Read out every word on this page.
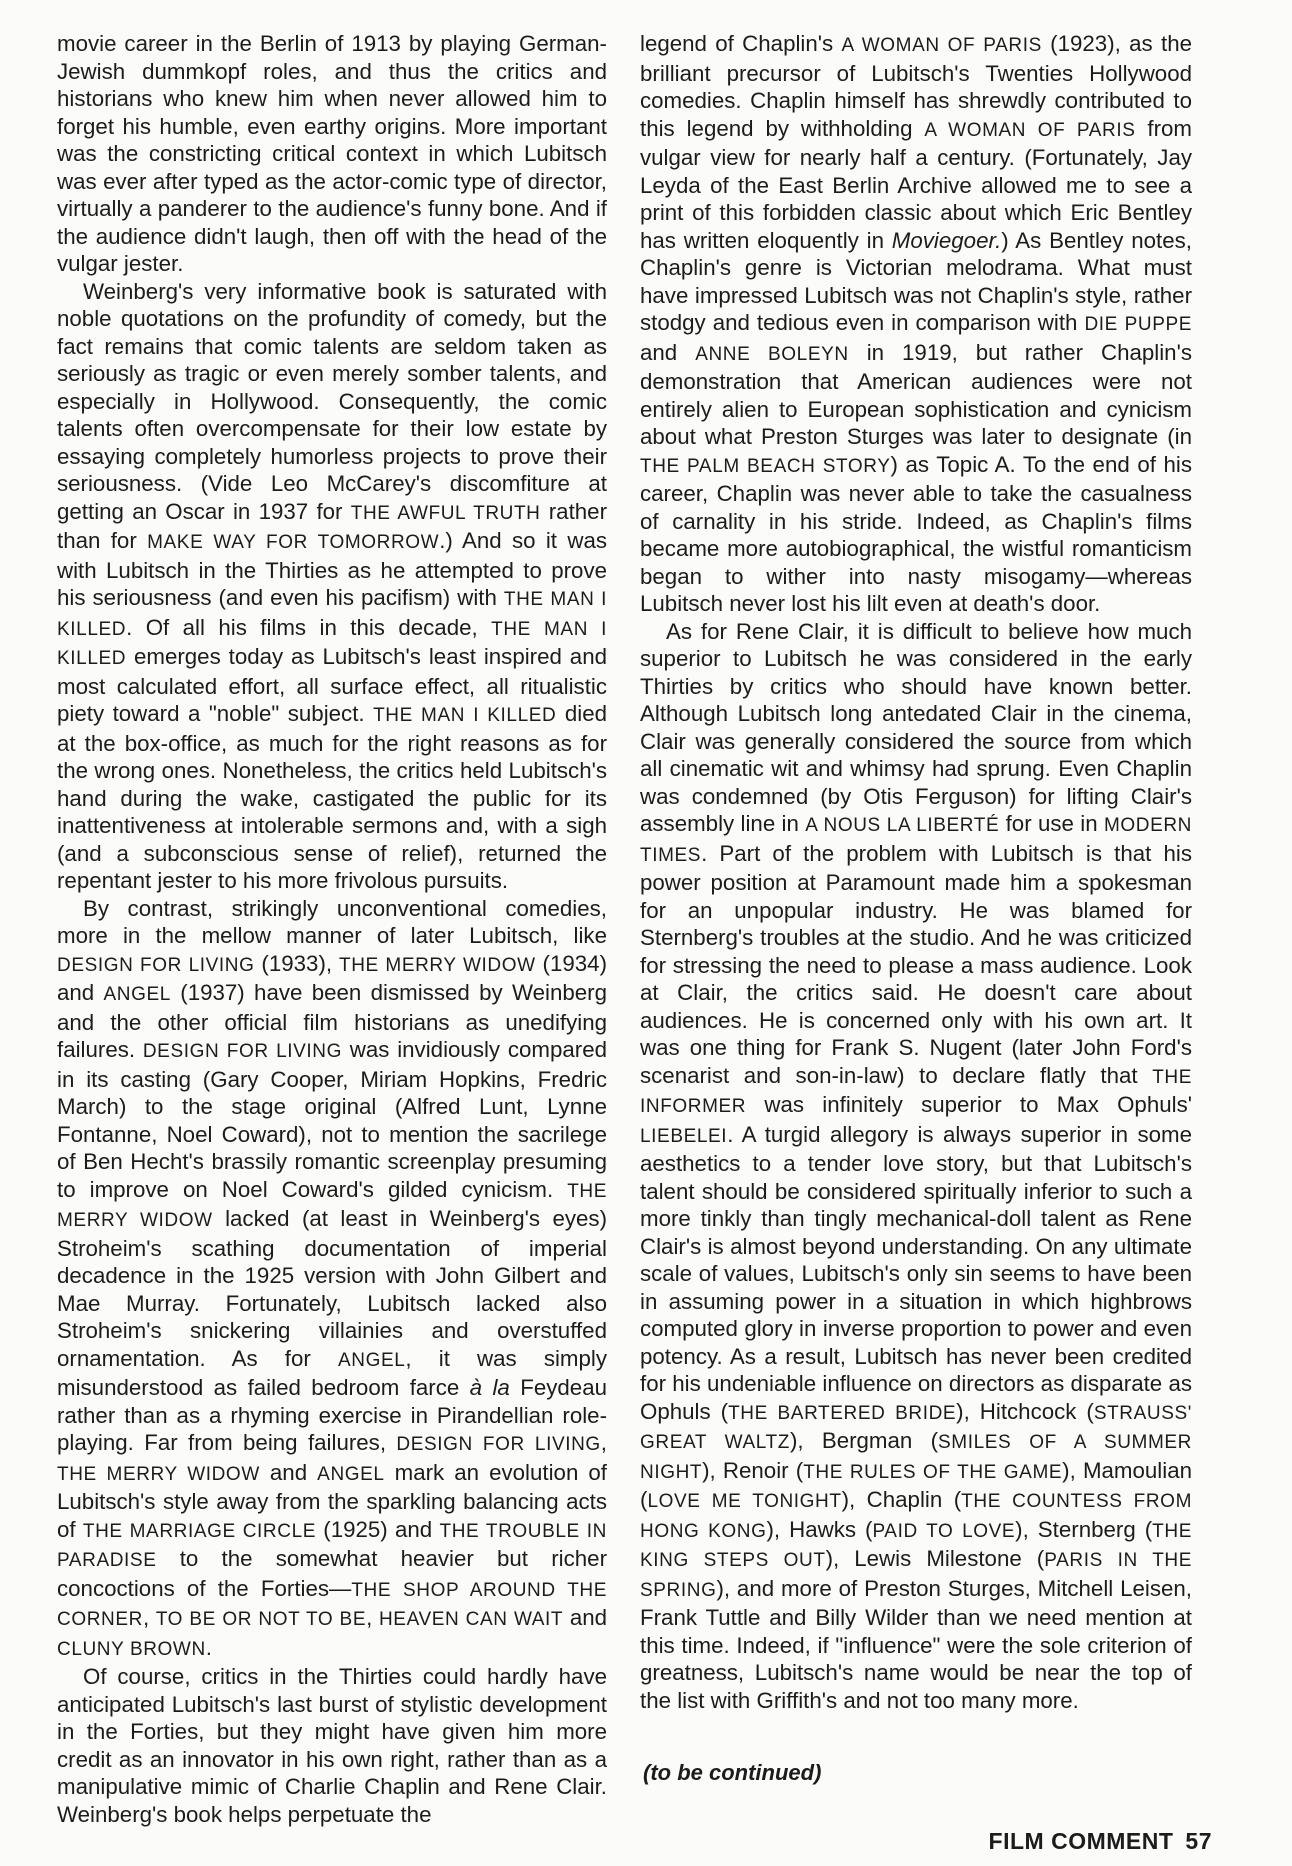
movie career in the Berlin of 1913 by playing German-Jewish dummkopf roles, and thus the critics and historians who knew him when never allowed him to forget his humble, even earthy origins. More important was the constricting critical context in which Lubitsch was ever after typed as the actor-comic type of director, virtually a panderer to the audience's funny bone. And if the audience didn't laugh, then off with the head of the vulgar jester.

Weinberg's very informative book is saturated with noble quotations on the profundity of comedy, but the fact remains that comic talents are seldom taken as seriously as tragic or even merely somber talents, and especially in Hollywood. Consequently, the comic talents often overcompensate for their low estate by essaying completely humorless projects to prove their seriousness. (Vide Leo McCarey's discomfiture at getting an Oscar in 1937 for THE AWFUL TRUTH rather than for MAKE WAY FOR TOMORROW.) And so it was with Lubitsch in the Thirties as he attempted to prove his seriousness (and even his pacifism) with THE MAN I KILLED. Of all his films in this decade, THE MAN I KILLED emerges today as Lubitsch's least inspired and most calculated effort, all surface effect, all ritualistic piety toward a "noble" subject. THE MAN I KILLED died at the box-office, as much for the right reasons as for the wrong ones. Nonetheless, the critics held Lubitsch's hand during the wake, castigated the public for its inattentiveness at intolerable sermons and, with a sigh (and a subconscious sense of relief), returned the repentant jester to his more frivolous pursuits.

By contrast, strikingly unconventional comedies, more in the mellow manner of later Lubitsch, like DESIGN FOR LIVING (1933), THE MERRY WIDOW (1934) and ANGEL (1937) have been dismissed by Weinberg and the other official film historians as unedifying failures. DESIGN FOR LIVING was invidiously compared in its casting (Gary Cooper, Miriam Hopkins, Fredric March) to the stage original (Alfred Lunt, Lynne Fontanne, Noel Coward), not to mention the sacrilege of Ben Hecht's brassily romantic screenplay presuming to improve on Noel Coward's gilded cynicism. THE MERRY WIDOW lacked (at least in Weinberg's eyes) Stroheim's scathing documentation of imperial decadence in the 1925 version with John Gilbert and Mae Murray. Fortunately, Lubitsch lacked also Stroheim's snickering villainies and overstuffed ornamentation. As for ANGEL, it was simply misunderstood as failed bedroom farce à la Feydeau rather than as a rhyming exercise in Pirandellian role-playing. Far from being failures, DESIGN FOR LIVING, THE MERRY WIDOW and ANGEL mark an evolution of Lubitsch's style away from the sparkling balancing acts of THE MARRIAGE CIRCLE (1925) and THE TROUBLE IN PARADISE to the somewhat heavier but richer concoctions of the Forties—THE SHOP AROUND THE CORNER, TO BE OR NOT TO BE, HEAVEN CAN WAIT and CLUNY BROWN.

Of course, critics in the Thirties could hardly have anticipated Lubitsch's last burst of stylistic development in the Forties, but they might have given him more credit as an innovator in his own right, rather than as a manipulative mimic of Charlie Chaplin and Rene Clair. Weinberg's book helps perpetuate the

legend of Chaplin's A WOMAN OF PARIS (1923), as the brilliant precursor of Lubitsch's Twenties Hollywood comedies. Chaplin himself has shrewdly contributed to this legend by withholding A WOMAN OF PARIS from vulgar view for nearly half a century. (Fortunately, Jay Leyda of the East Berlin Archive allowed me to see a print of this forbidden classic about which Eric Bentley has written eloquently in Moviegoer.) As Bentley notes, Chaplin's genre is Victorian melodrama. What must have impressed Lubitsch was not Chaplin's style, rather stodgy and tedious even in comparison with DIE PUPPE and ANNE BOLEYN in 1919, but rather Chaplin's demonstration that American audiences were not entirely alien to European sophistication and cynicism about what Preston Sturges was later to designate (in THE PALM BEACH STORY) as Topic A. To the end of his career, Chaplin was never able to take the casualness of carnality in his stride. Indeed, as Chaplin's films became more autobiographical, the wistful romanticism began to wither into nasty misogamy—whereas Lubitsch never lost his lilt even at death's door.

As for Rene Clair, it is difficult to believe how much superior to Lubitsch he was considered in the early Thirties by critics who should have known better. Although Lubitsch long antedated Clair in the cinema, Clair was generally considered the source from which all cinematic wit and whimsy had sprung. Even Chaplin was condemned (by Otis Ferguson) for lifting Clair's assembly line in A NOUS LA LIBERTÉ for use in MODERN TIMES. Part of the problem with Lubitsch is that his power position at Paramount made him a spokesman for an unpopular industry. He was blamed for Sternberg's troubles at the studio. And he was criticized for stressing the need to please a mass audience. Look at Clair, the critics said. He doesn't care about audiences. He is concerned only with his own art. It was one thing for Frank S. Nugent (later John Ford's scenarist and son-in-law) to declare flatly that THE INFORMER was infinitely superior to Max Ophuls' LIEBELEI. A turgid allegory is always superior in some aesthetics to a tender love story, but that Lubitsch's talent should be considered spiritually inferior to such a more tinkly than tingly mechanical-doll talent as Rene Clair's is almost beyond understanding. On any ultimate scale of values, Lubitsch's only sin seems to have been in assuming power in a situation in which highbrows computed glory in inverse proportion to power and even potency. As a result, Lubitsch has never been credited for his undeniable influence on directors as disparate as Ophuls (THE BARTERED BRIDE), Hitchcock (STRAUSS' GREAT WALTZ), Bergman (SMILES OF A SUMMER NIGHT), Renoir (THE RULES OF THE GAME), Mamoulian (LOVE ME TONIGHT), Chaplin (THE COUNTESS FROM HONG KONG), Hawks (PAID TO LOVE), Sternberg (THE KING STEPS OUT), Lewis Milestone (PARIS IN THE SPRING), and more of Preston Sturges, Mitchell Leisen, Frank Tuttle and Billy Wilder than we need mention at this time. Indeed, if "influence" were the sole criterion of greatness, Lubitsch's name would be near the top of the list with Griffith's and not too many more.

(to be continued)
FILM COMMENT 57
